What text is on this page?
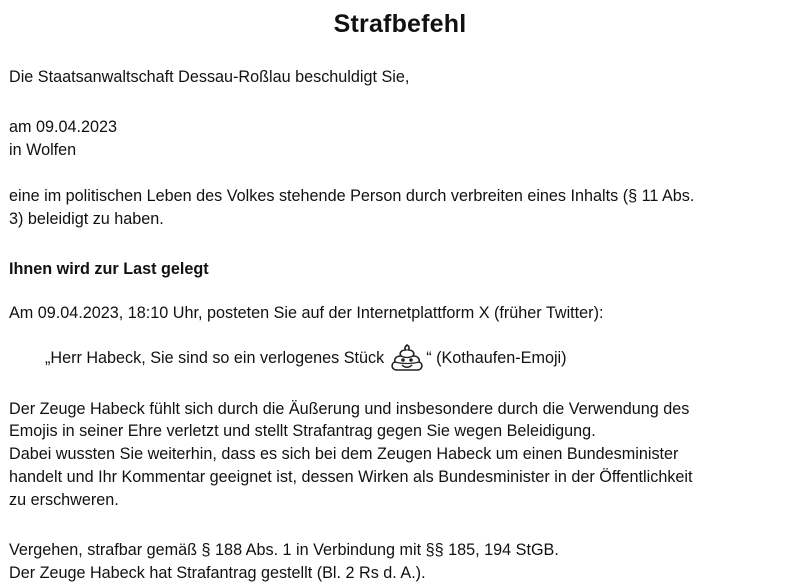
Strafbefehl
Die Staatsanwaltschaft Dessau-Roßlau beschuldigt Sie,
am 09.04.2023
in Wolfen
eine im politischen Leben des Volkes stehende Person durch verbreiten eines Inhalts (§ 11 Abs.
3) beleidigt zu haben.
Ihnen wird zur Last gelegt
Am 09.04.2023, 18:10 Uhr, posteten Sie auf der Internetplattform X (früher Twitter):
„Herr Habeck, Sie sind so ein verlogenes Stück	“ (Kothaufen-Emoji)
Der Zeuge Habeck fühlt sich durch die Äußerung und insbesondere durch die Verwendung des
Emojis in seiner Ehre verletzt und stellt Strafantrag gegen Sie wegen Beleidigung.
Dabei wussten Sie weiterhin, dass es sich bei dem Zeugen Habeck um einen Bundesminister
handelt und Ihr Kommentar geeignet ist, dessen Wirken als Bundesminister in der Öffentlichkeit
zu erschweren.
Vergehen, strafbar gemäß § 188 Abs. 1 in Verbindung mit §§ 185, 194 StGB.
Der Zeuge Habeck hat Strafantrag gestellt (Bl. 2 Rs d. A.).
